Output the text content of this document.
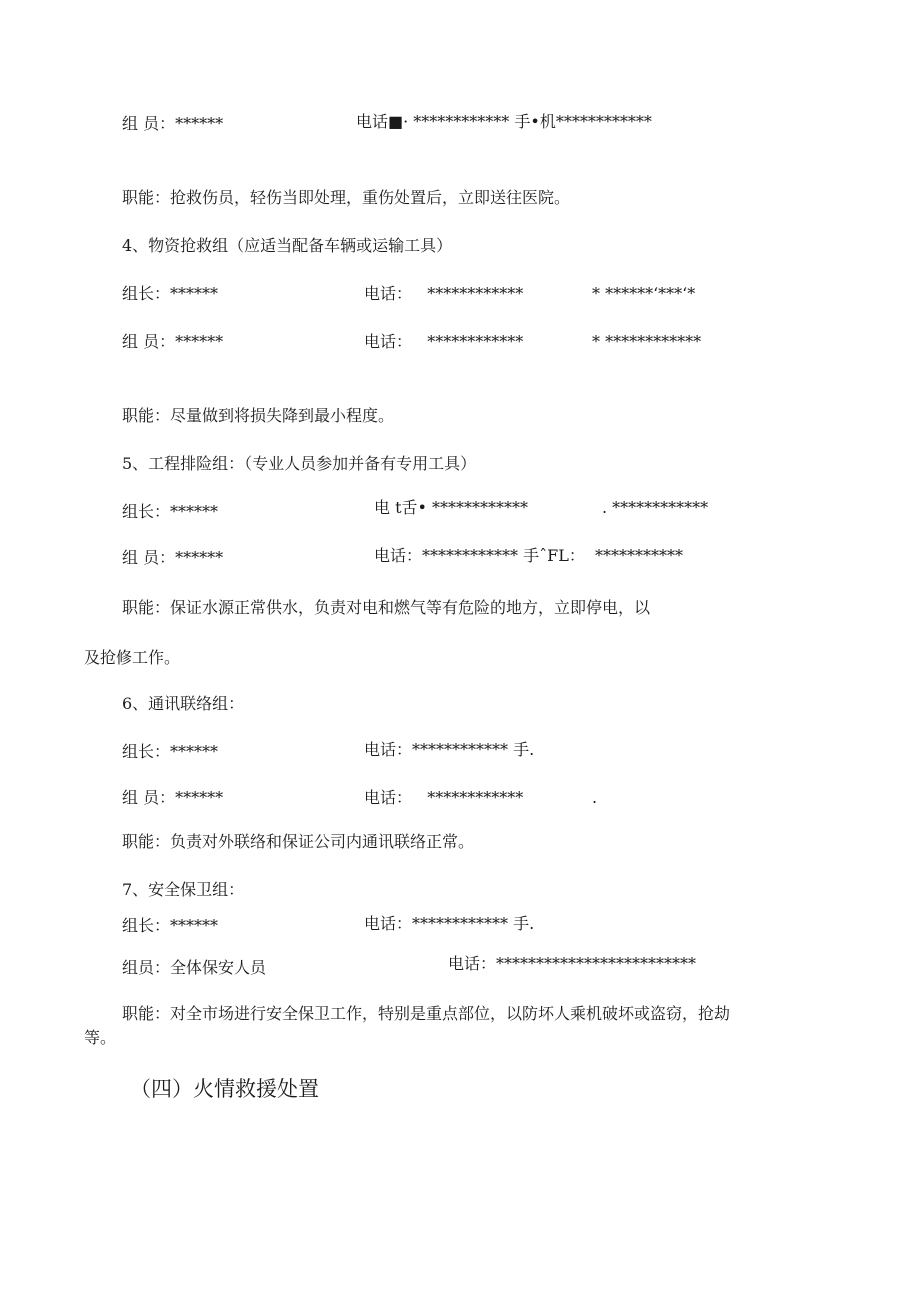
组 员：******	电话■· ************ 手•机************

职能：抢救伤员，轻伤当即处理，重伤处置后，立即送往医院。

4、物资抢救组（应适当配备车辆或运输工具）

组长：******	电话：   ************	* ******‘***‘*

组 员：******	电话：   ************	* ************

职能：尽量做到将损失降到最小程度。

5、工程排险组：（专业人员参加并备有专用工具）

组长：******	电 t舌• ************	. ************

组 员：******	电话：************ 手ˆFL：  ***********

职能：保证水源正常供水，负责对电和燃气等有危险的地方，立即停电，以

及抢修工作。

6、通讯联络组：

组长：******	电话：************ 手.

组 员：******	电话：   ************	.

职能：负责对外联络和保证公司内通讯联络正常。

7、安全保卫组：

组长：******	电话：************ 手.

组员：全体保安人员	电话：*************************

职能：对全市场进行安全保卫工作，特别是重点部位，以防坏人乘机破坏或盗窃，抢劫

等。

（四）火情救援处置
